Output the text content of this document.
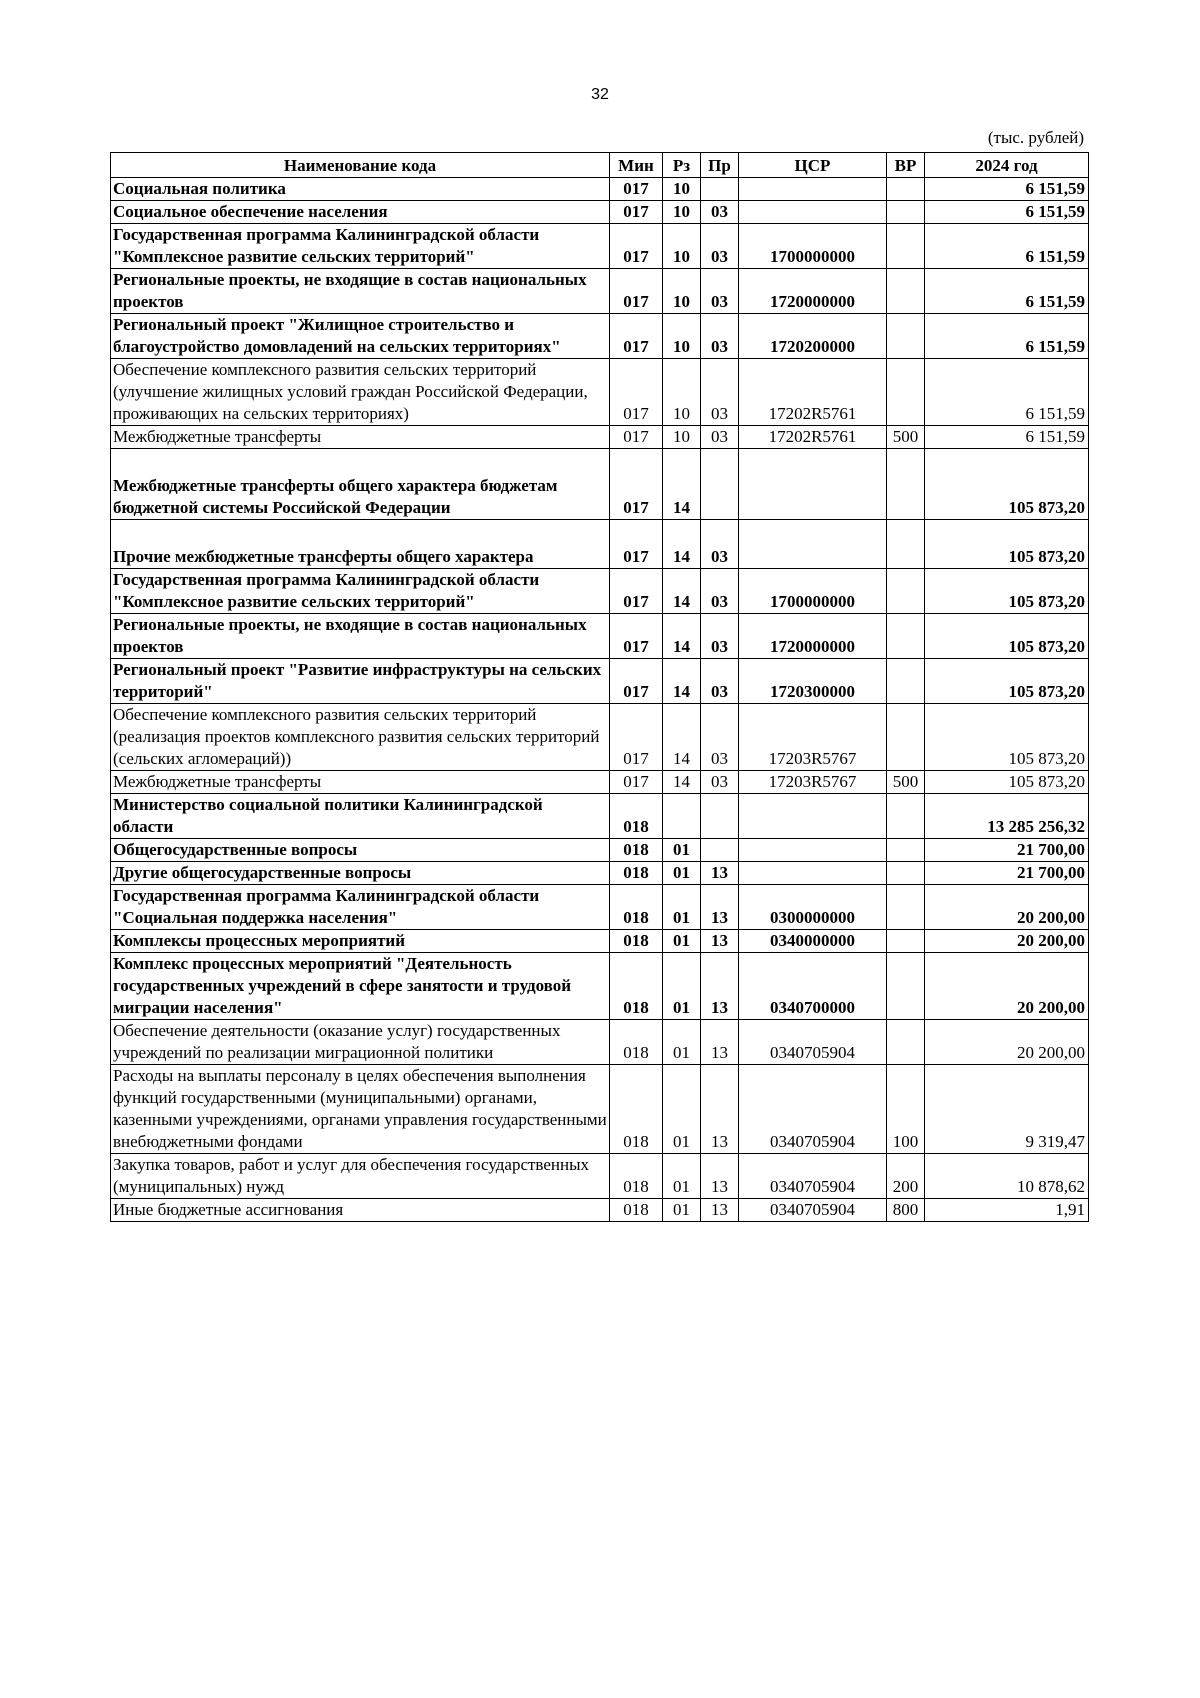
32
(тыс. рублей)
Наименование кода	Мин	Рз	Пр	ЦСР	ВР	2024 год
Социальная политика	017	10				6 151,59
Социальное обеспечение населения	017	10	03			6 151,59
Государственная программа Калининградской области "Комплексное развитие сельских территорий"	017	10	03	1700000000		6 151,59
Региональные проекты, не входящие в состав национальных проектов	017	10	03	1720000000		6 151,59
Региональный проект "Жилищное строительство и благоустройство домовладений на сельских территориях"	017	10	03	1720200000		6 151,59
Обеспечение комплексного развития сельских территорий (улучшение жилищных условий граждан Российской Федерации, проживающих на сельских территориях)	017	10	03	17202R5761		6 151,59
Межбюджетные трансферты	017	10	03	17202R5761	500	6 151,59
Межбюджетные трансферты общего характера бюджетам бюджетной системы Российской Федерации	017	14				105 873,20
Прочие межбюджетные трансферты общего характера	017	14	03			105 873,20
Государственная программа Калининградской области "Комплексное развитие сельских территорий"	017	14	03	1700000000		105 873,20
Региональные проекты, не входящие в состав национальных проектов	017	14	03	1720000000		105 873,20
Региональный проект "Развитие инфраструктуры на сельских территорий"	017	14	03	1720300000		105 873,20
Обеспечение комплексного развития сельских территорий (реализация проектов комплексного развития сельских территорий (сельских агломераций))	017	14	03	17203R5767		105 873,20
Межбюджетные трансферты	017	14	03	17203R5767	500	105 873,20
Министерство социальной политики Калининградской области	018					13 285 256,32
Общегосударственные вопросы	018	01				21 700,00
Другие общегосударственные вопросы	018	01	13			21 700,00
Государственная программа Калининградской области "Социальная поддержка населения"	018	01	13	0300000000		20 200,00
Комплексы процессных мероприятий	018	01	13	0340000000		20 200,00
Комплекс процессных мероприятий "Деятельность государственных учреждений в сфере занятости и трудовой миграции населения"	018	01	13	0340700000		20 200,00
Обеспечение деятельности (оказание услуг) государственных учреждений по реализации миграционной политики	018	01	13	0340705904		20 200,00
Расходы на выплаты персоналу в целях обеспечения выполнения функций государственными (муниципальными) органами, казенными учреждениями, органами управления государственными внебюджетными фондами	018	01	13	0340705904	100	9 319,47
Закупка товаров, работ и услуг для обеспечения государственных (муниципальных) нужд	018	01	13	0340705904	200	10 878,62
Иные бюджетные ассигнования	018	01	13	0340705904	800	1,91
